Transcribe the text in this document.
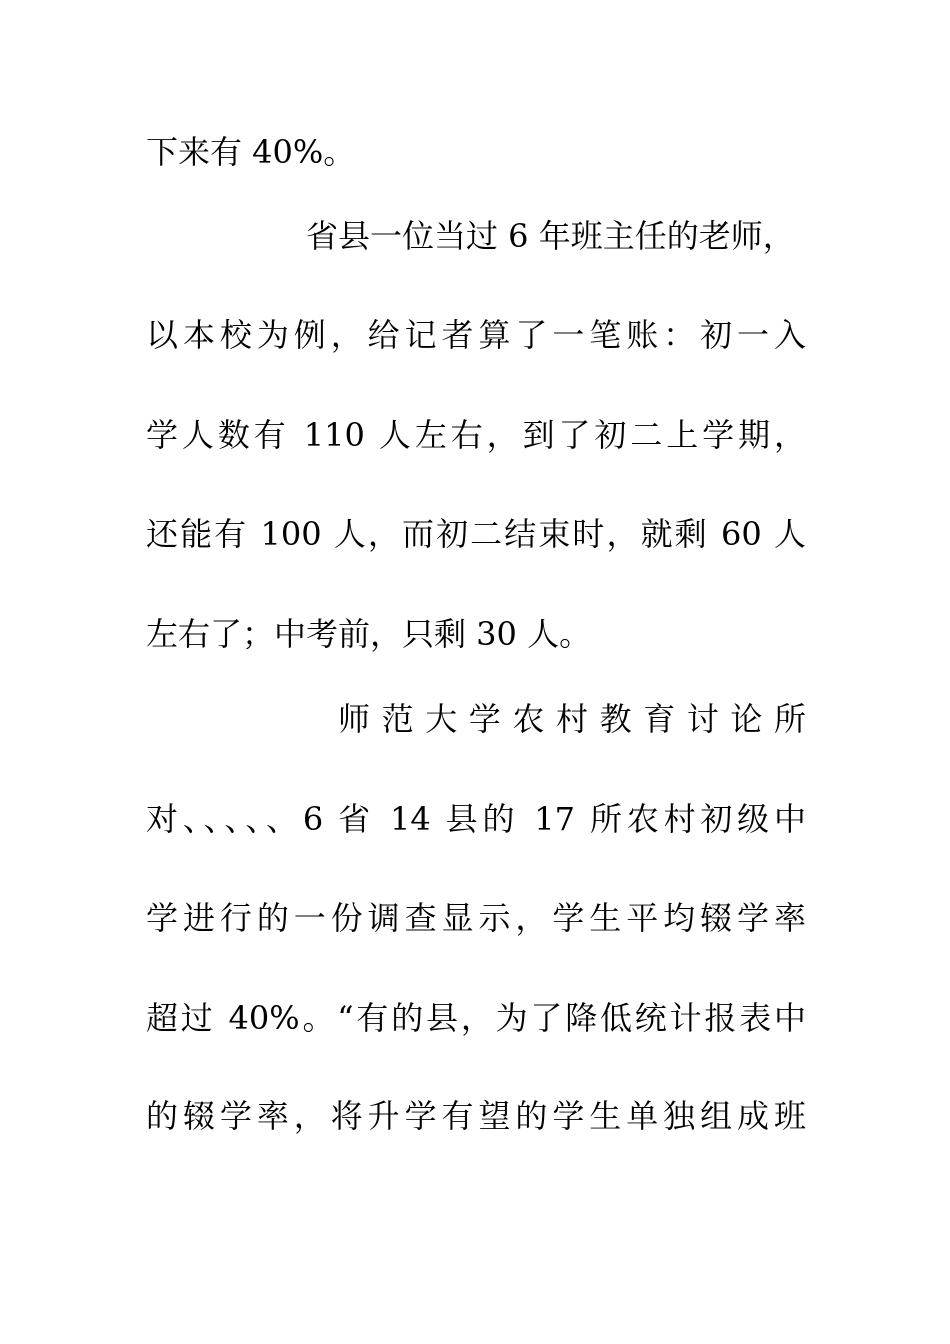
下来有 40%。
省县一位当过 6 年班主任的老师，
以本校为例，给记者算了一笔账：初一入
学人数有 110 人左右，到了初二上学期，
还能有 100 人，而初二结束时，就剩 60 人
左右了；中考前，只剩 30 人。
师范大学农村教育讨论所
对、、、、、6 省 14 县的 17 所农村初级中
学进行的一份调查显示，学生平均辍学率
超过 40%。“有的县，为了降低统计报表中
的辍学率，将升学有望的学生单独组成班
